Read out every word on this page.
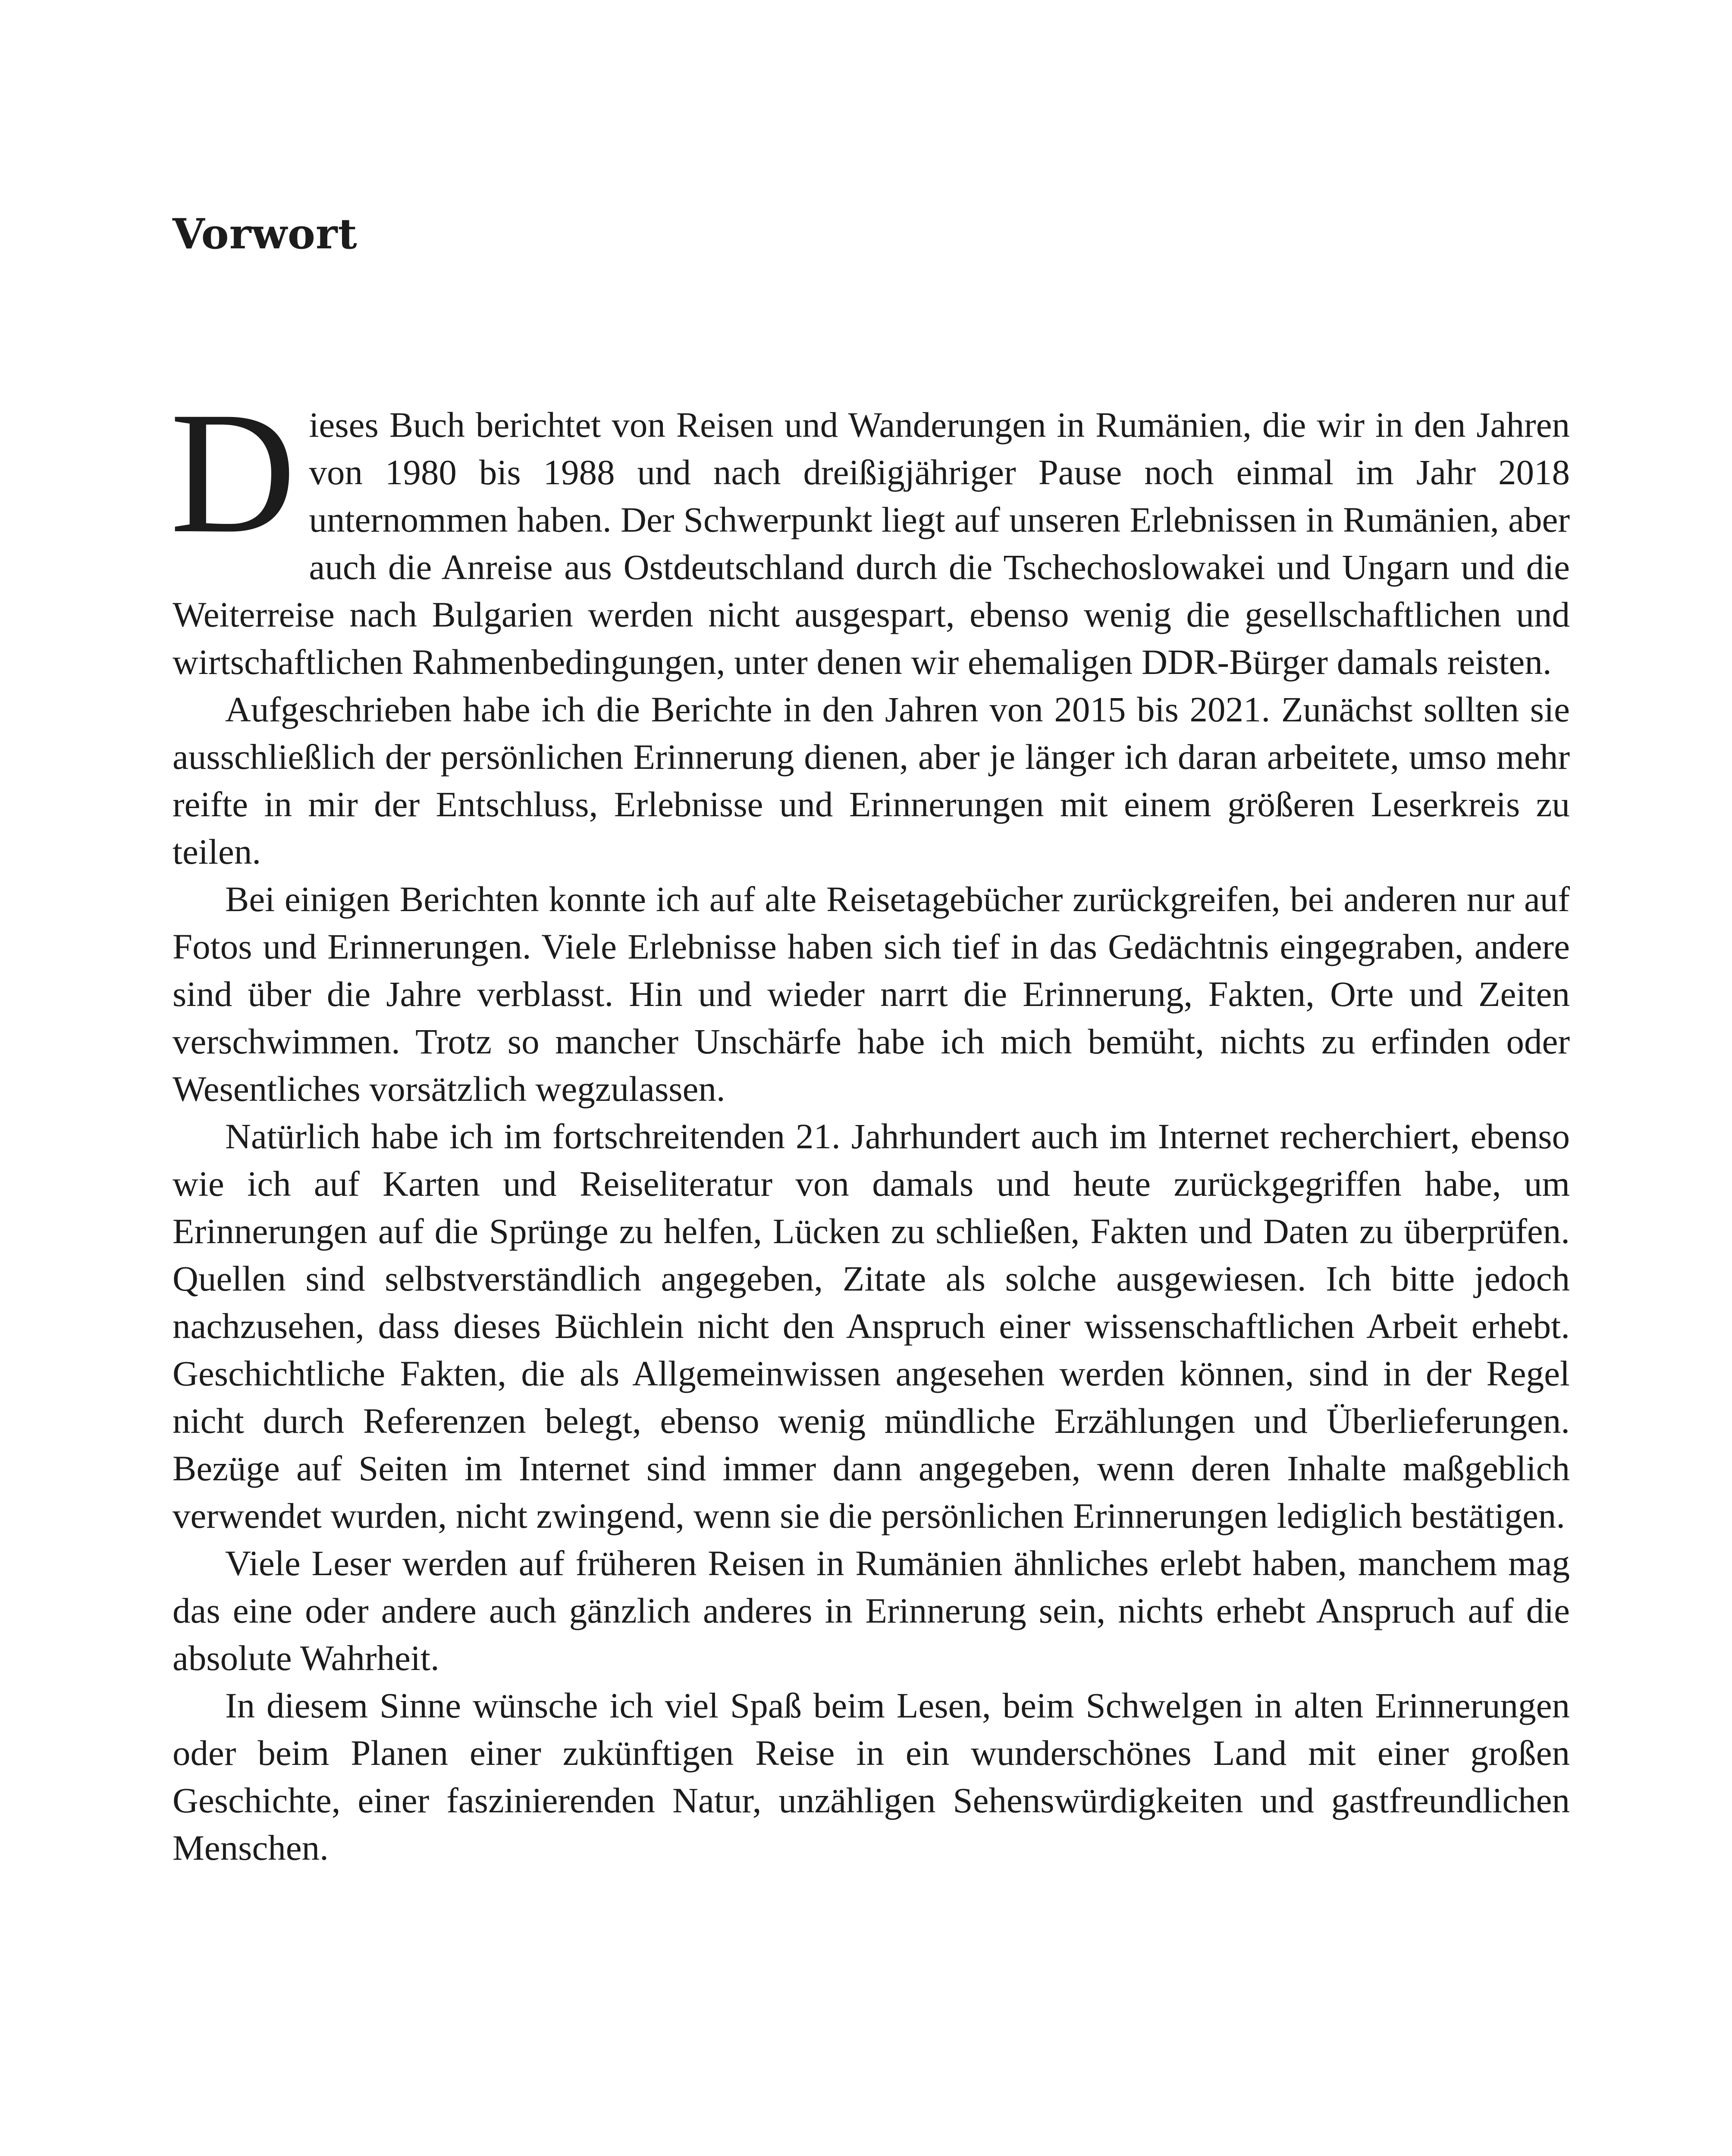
Vorwort

Dieses Buch berichtet von Reisen und Wanderungen in Rumänien, die wir in den Jahren von 1980 bis 1988 und nach dreißigjähriger Pause noch einmal im Jahr 2018 unternommen haben. Der Schwerpunkt liegt auf unseren Erlebnissen in Rumänien, aber auch die Anreise aus Ostdeutschland durch die Tschechoslowakei und Ungarn und die Weiterreise nach Bulgarien werden nicht ausgespart, ebenso wenig die gesellschaftlichen und wirtschaftlichen Rahmenbedingungen, unter denen wir ehemaligen DDR-Bürger damals reisten.

Aufgeschrieben habe ich die Berichte in den Jahren von 2015 bis 2021. Zunächst sollten sie ausschließlich der persönlichen Erinnerung dienen, aber je länger ich daran arbeitete, umso mehr reifte in mir der Entschluss, Erlebnisse und Erinnerungen mit einem größeren Leserkreis zu teilen.

Bei einigen Berichten konnte ich auf alte Reisetagebücher zurückgreifen, bei anderen nur auf Fotos und Erinnerungen. Viele Erlebnisse haben sich tief in das Gedächtnis eingegraben, andere sind über die Jahre verblasst. Hin und wieder narrt die Erinnerung, Fakten, Orte und Zeiten verschwimmen. Trotz so mancher Unschärfe habe ich mich bemüht, nichts zu erfinden oder Wesentliches vorsätzlich wegzulassen.

Natürlich habe ich im fortschreitenden 21. Jahrhundert auch im Internet recherchiert, ebenso wie ich auf Karten und Reiseliteratur von damals und heute zurückgegriffen habe, um Erinnerungen auf die Sprünge zu helfen, Lücken zu schließen, Fakten und Daten zu überprüfen. Quellen sind selbstverständlich angegeben, Zitate als solche ausgewiesen. Ich bitte jedoch nachzusehen, dass dieses Büchlein nicht den Anspruch einer wissenschaftlichen Arbeit erhebt. Geschichtliche Fakten, die als Allgemeinwissen angesehen werden können, sind in der Regel nicht durch Referenzen belegt, ebenso wenig mündliche Erzählungen und Überlieferungen. Bezüge auf Seiten im Internet sind immer dann angegeben, wenn deren Inhalte maßgeblich verwendet wurden, nicht zwingend, wenn sie die persönlichen Erinnerungen lediglich bestätigen.

Viele Leser werden auf früheren Reisen in Rumänien ähnliches erlebt haben, manchem mag das eine oder andere auch gänzlich anderes in Erinnerung sein, nichts erhebt Anspruch auf die absolute Wahrheit.

In diesem Sinne wünsche ich viel Spaß beim Lesen, beim Schwelgen in alten Erinnerungen oder beim Planen einer zukünftigen Reise in ein wunderschönes Land mit einer großen Geschichte, einer faszinierenden Natur, unzähligen Sehenswürdigkeiten und gastfreundlichen Menschen.
